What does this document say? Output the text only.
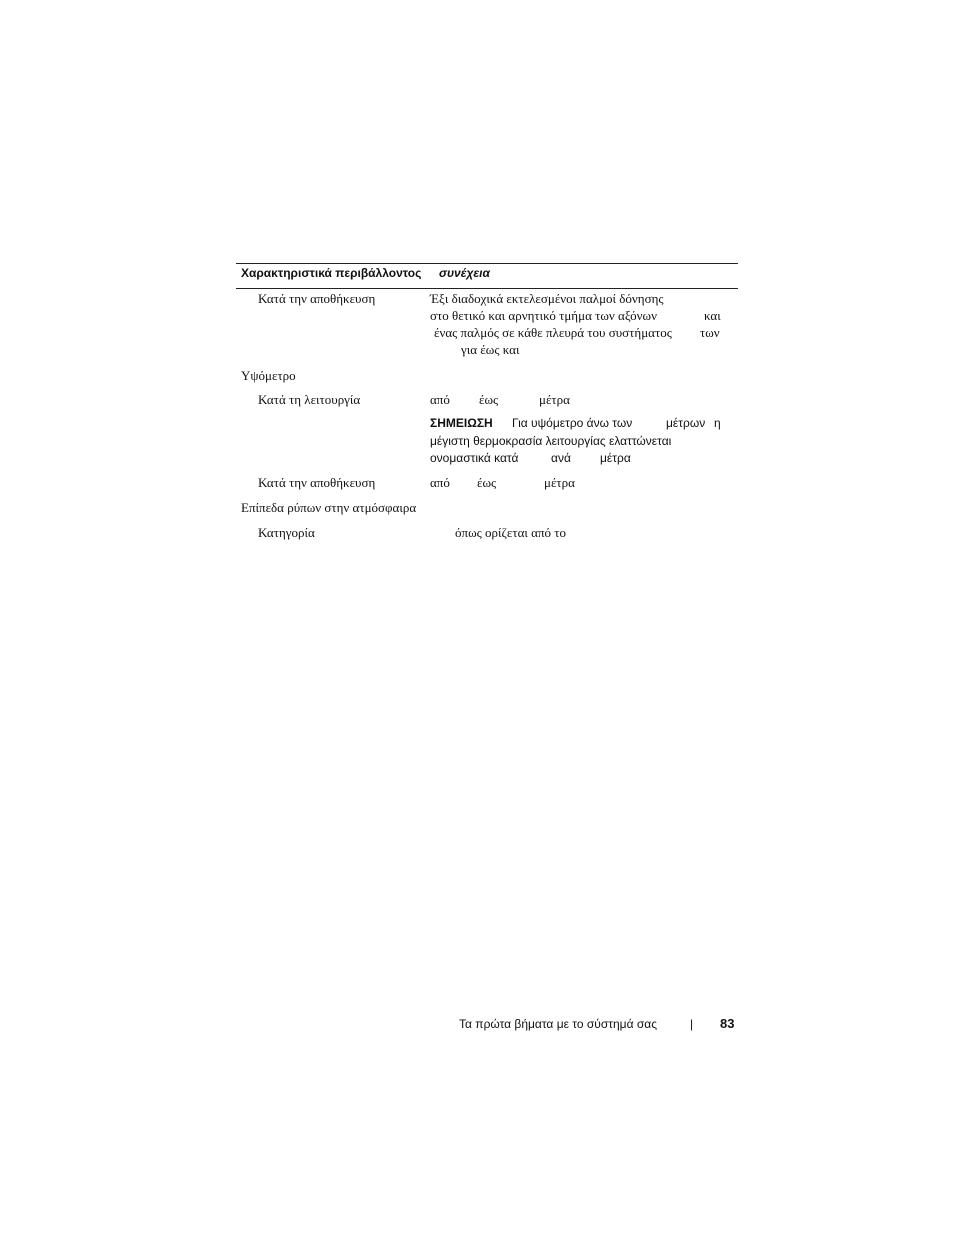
Χαρακτηριστικά περιβάλλοντος συνέχεια
Κατά την αποθήκευση	Έξι διαδοχικά εκτελεσμένοι παλμοί δόνησης
στο θετικό και αρνητικό τμήμα των αξόνων	και
ένας παλμός σε κάθε πλευρά του συστήματος των
για έως και
Υψόμετρο
Κατά τη λειτουργία	από έως	μέτρα
ΣΗΜΕΙΩΣΗ Για υψόμετρο άνω των	μέτρων η
μέγιστη θερμοκρασία λειτουργίας ελαττώνεται
ονομαστικά κατά	ανά μέτρα
Κατά την αποθήκευση	από έως	μέτρα
Επίπεδα ρύπων στην ατμόσφαιρα
Κατηγορία	όπως ορίζεται από το
Τα πρώτα βήματα με το σύστημά σας	| 83
